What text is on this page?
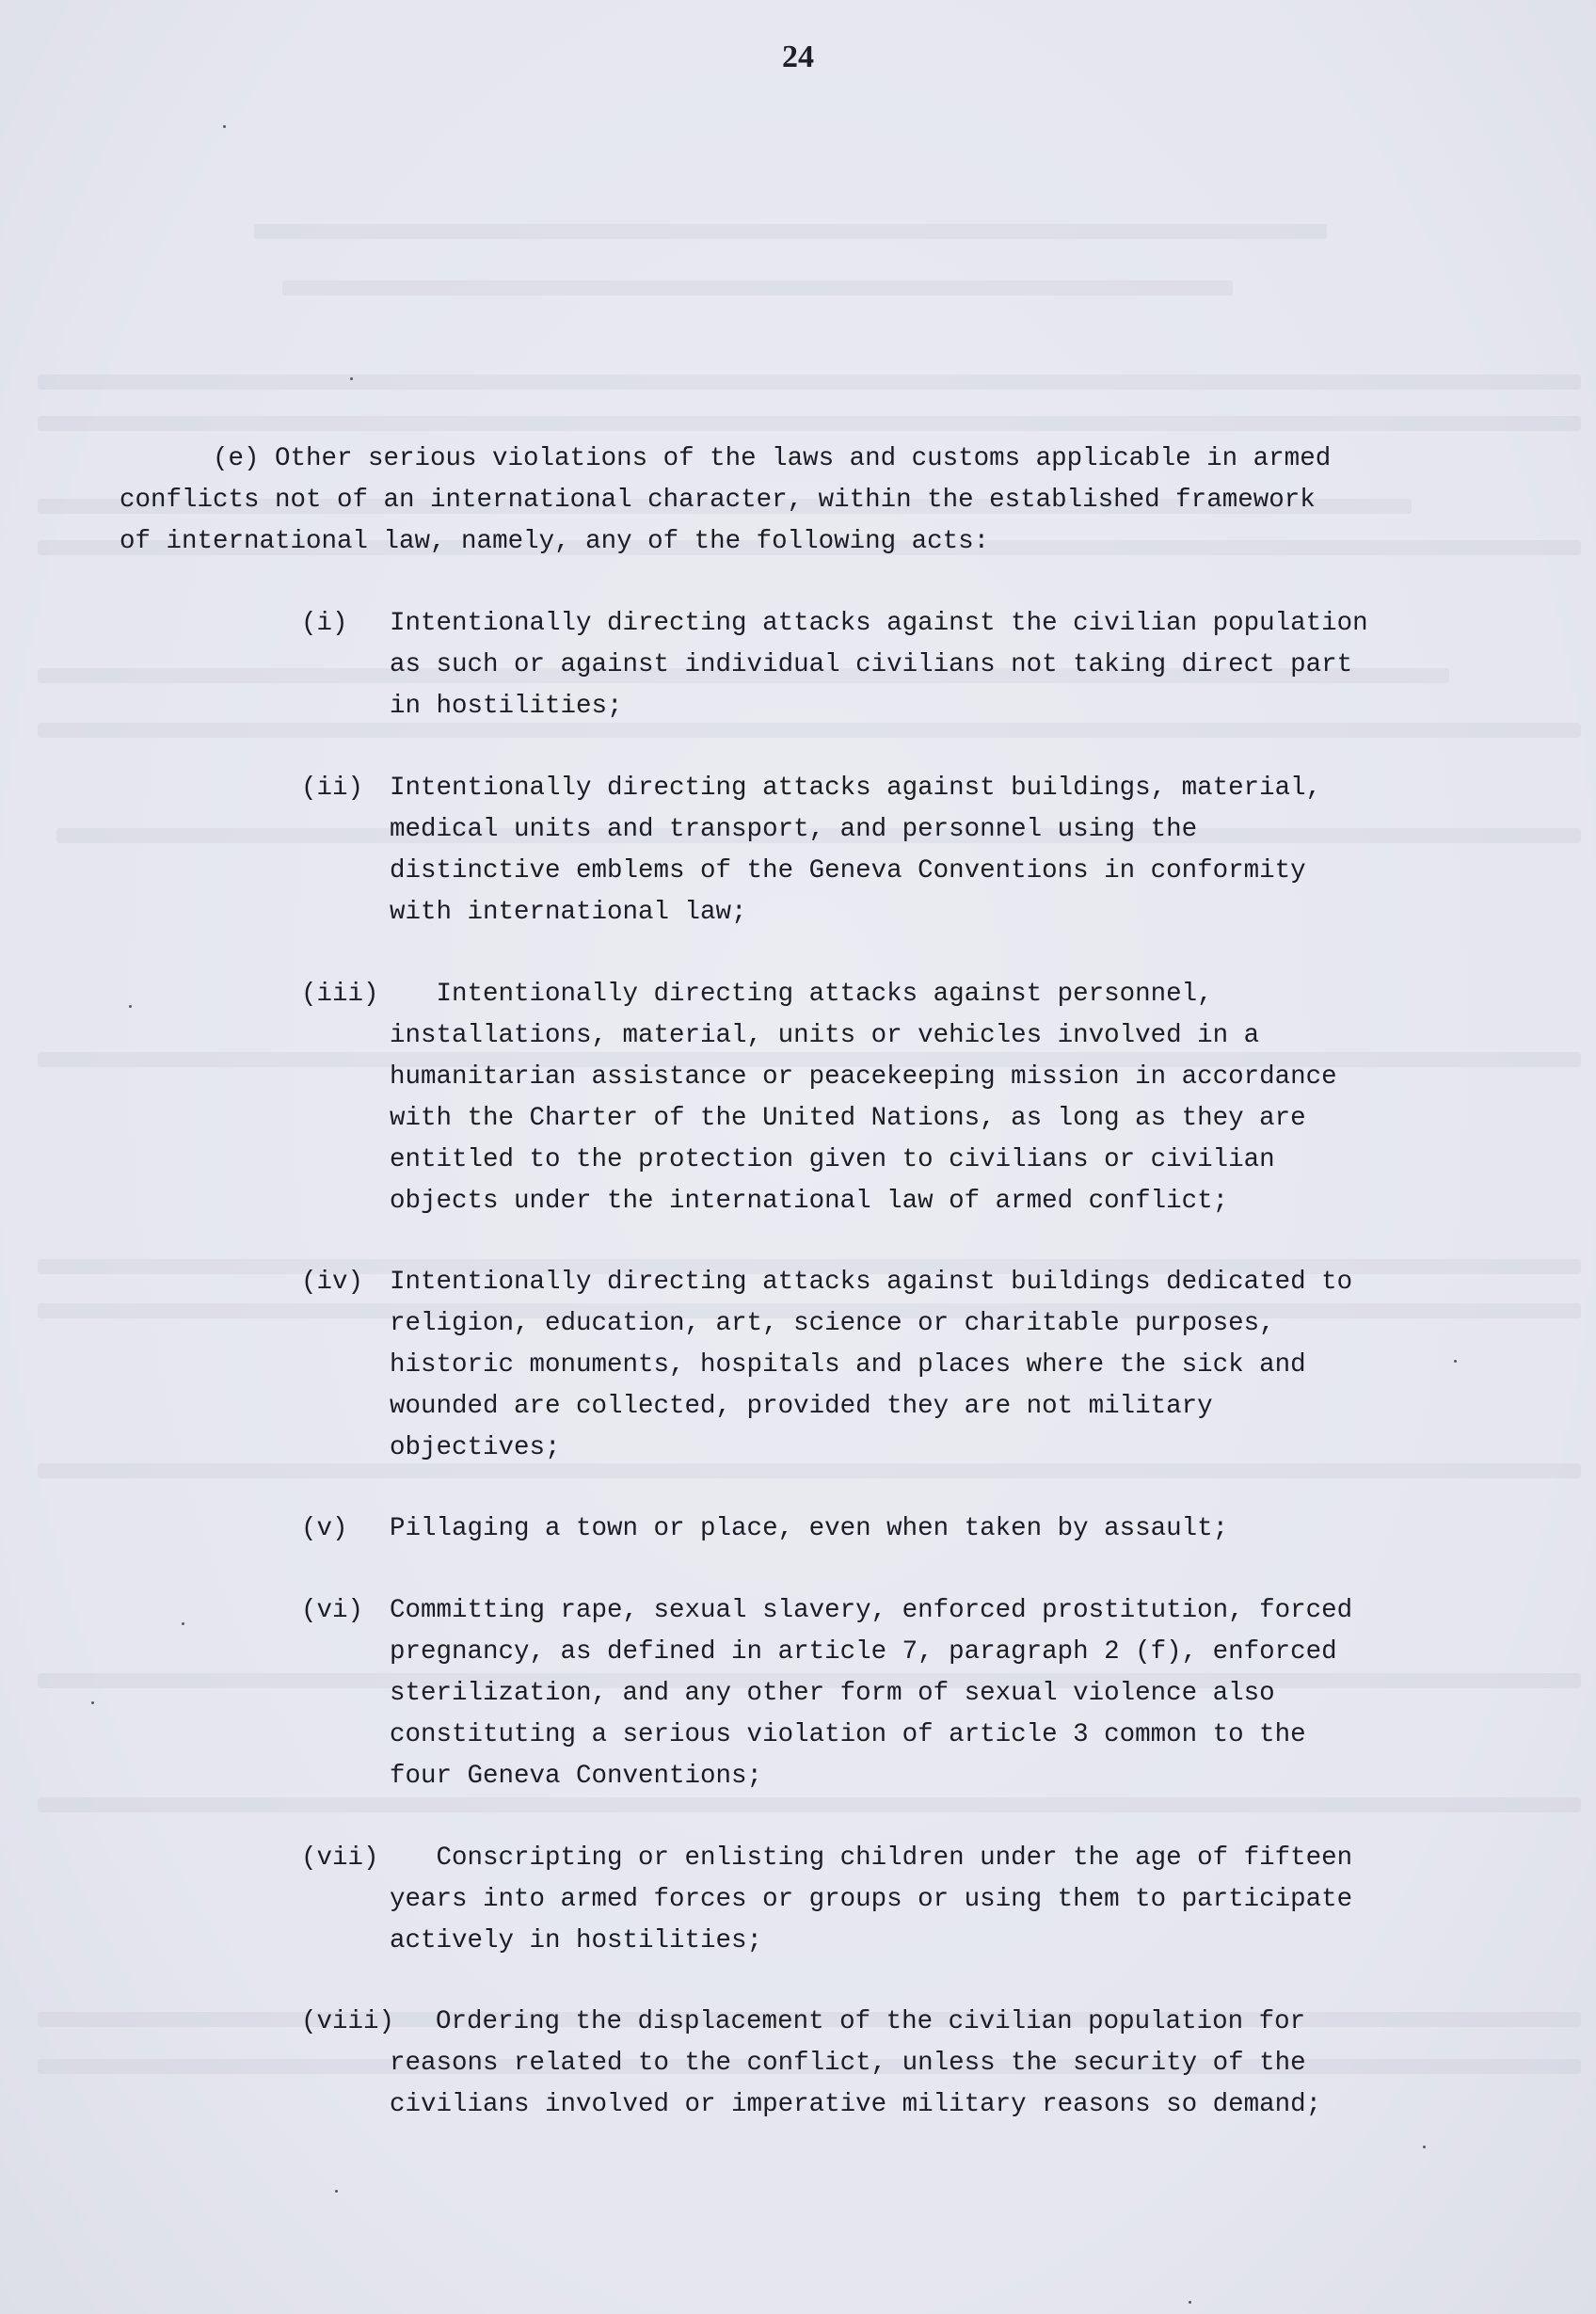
24

(e) Other serious violations of the laws and customs applicable in armed

conflicts not of an international character, within the established framework

of international law, namely, any of the following acts:

(i) Intentionally directing attacks against the civilian population

as such or against individual civilians not taking direct part

in hostilities;

(ii) Intentionally directing attacks against buildings, material,

medical units and transport, and personnel using the

distinctive emblems of the Geneva Conventions in conformity

with international law;

(iii) Intentionally directing attacks against personnel,

installations, material, units or vehicles involved in a

humanitarian assistance or peacekeeping mission in accordance

with the Charter of the United Nations, as long as they are

entitled to the protection given to civilians or civilian

objects under the international law of armed conflict;

(iv) Intentionally directing attacks against buildings dedicated to

religion, education, art, science or charitable purposes,

historic monuments, hospitals and places where the sick and

wounded are collected, provided they are not military

objectives;

(v) Pillaging a town or place, even when taken by assault;

(vi) Committing rape, sexual slavery, enforced prostitution, forced

pregnancy, as defined in article 7, paragraph 2 (f), enforced

sterilization, and any other form of sexual violence also

constituting a serious violation of article 3 common to the

four Geneva Conventions;

(vii) Conscripting or enlisting children under the age of fifteen

years into armed forces or groups or using them to participate

actively in hostilities;

(viii) Ordering the displacement of the civilian population for

reasons related to the conflict, unless the security of the

civilians involved or imperative military reasons so demand;
